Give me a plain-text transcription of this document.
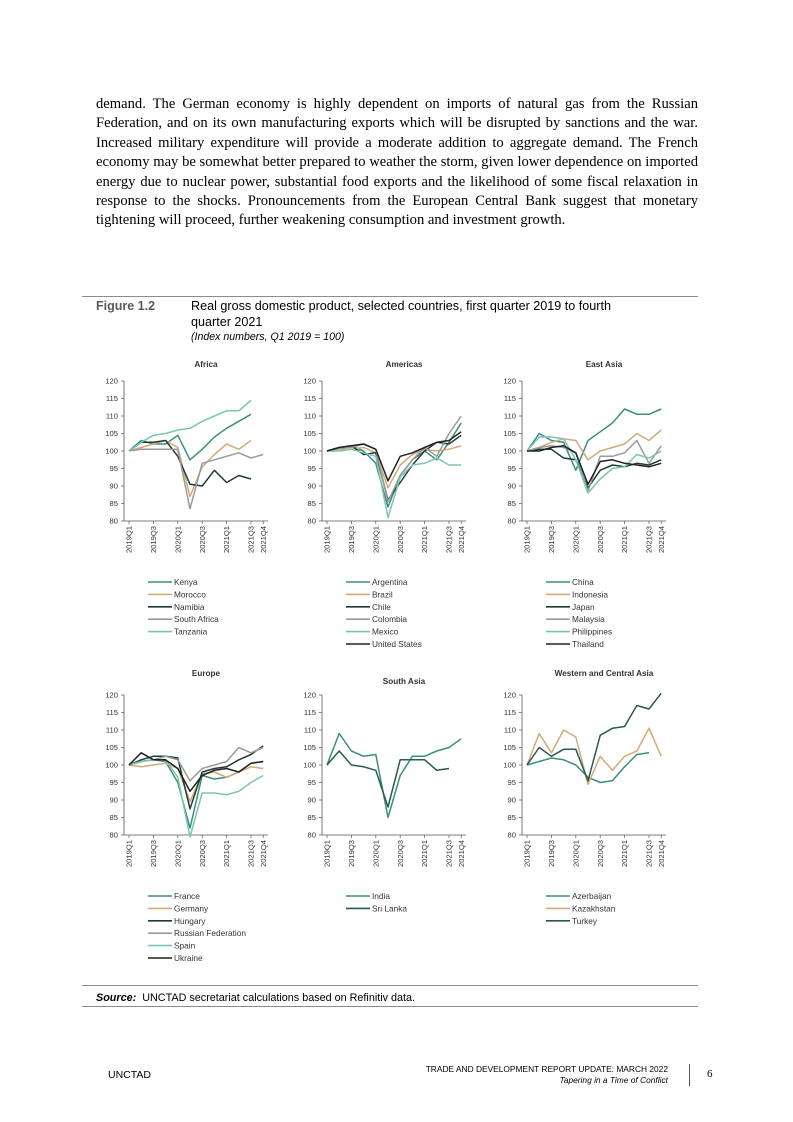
demand. The German economy is highly dependent on imports of natural gas from the Russian Federation, and on its own manufacturing exports which will be disrupted by sanctions and the war. Increased military expenditure will provide a moderate addition to aggregate demand. The French economy may be somewhat better prepared to weather the storm, given lower dependence on imported energy due to nuclear power, substantial food exports and the likelihood of some fiscal relaxation in response to the shocks. Pronouncements from the European Central Bank suggest that monetary tightening will proceed, further weakening consumption and investment growth.
Figure 1.2	Real gross domestic product, selected countries, first quarter 2019 to fourth quarter 2021
(Index numbers, Q1 2019 = 100)
Africa
80
85
90
95
100
105
110
115
120
2019Q1 2019Q3 2020Q1 2020Q3 2021Q1 2021Q3 2021Q4
Kenya
Morocco
Namibia
South Africa
Tanzania
Americas
80
85
90
95
100
105
110
115
120
2019Q1 2019Q3 2020Q1 2020Q3 2021Q1 2021Q3 2021Q4
Argentina
Brazil
Chile
Colombia
Mexico
United States
East Asia
80
85
90
95
100
105
110
115
120
2019Q1 2019Q3 2020Q1 2020Q3 2021Q1 2021Q3 2021Q4
China
Indonesia
Japan
Malaysia
Philippines
Thailand
Europe
80
85
90
95
100
105
110
115
120
2019Q1 2019Q3 2020Q1 2020Q3 2021Q1 2021Q3 2021Q4
France
Germany
Hungary
Russian Federation
Spain
Ukraine
South Asia
80
85
90
95
100
105
110
115
120
2019Q1 2019Q3 2020Q1 2020Q3 2021Q1 2021Q3 2021Q4
India
Sri Lanka
Western and Central Asia
80
85
90
95
100
105
110
115
120
2019Q1 2019Q3 2020Q1 2020Q3 2021Q1 2021Q3 2021Q4
Azerbaijan
Kazakhstan
Turkey
Source: UNCTAD secretariat calculations based on Refinitiv data.
UNCTAD	TRADE AND DEVELOPMENT REPORT UPDATE: MARCH 2022
Tapering in a Time of Conflict	6
